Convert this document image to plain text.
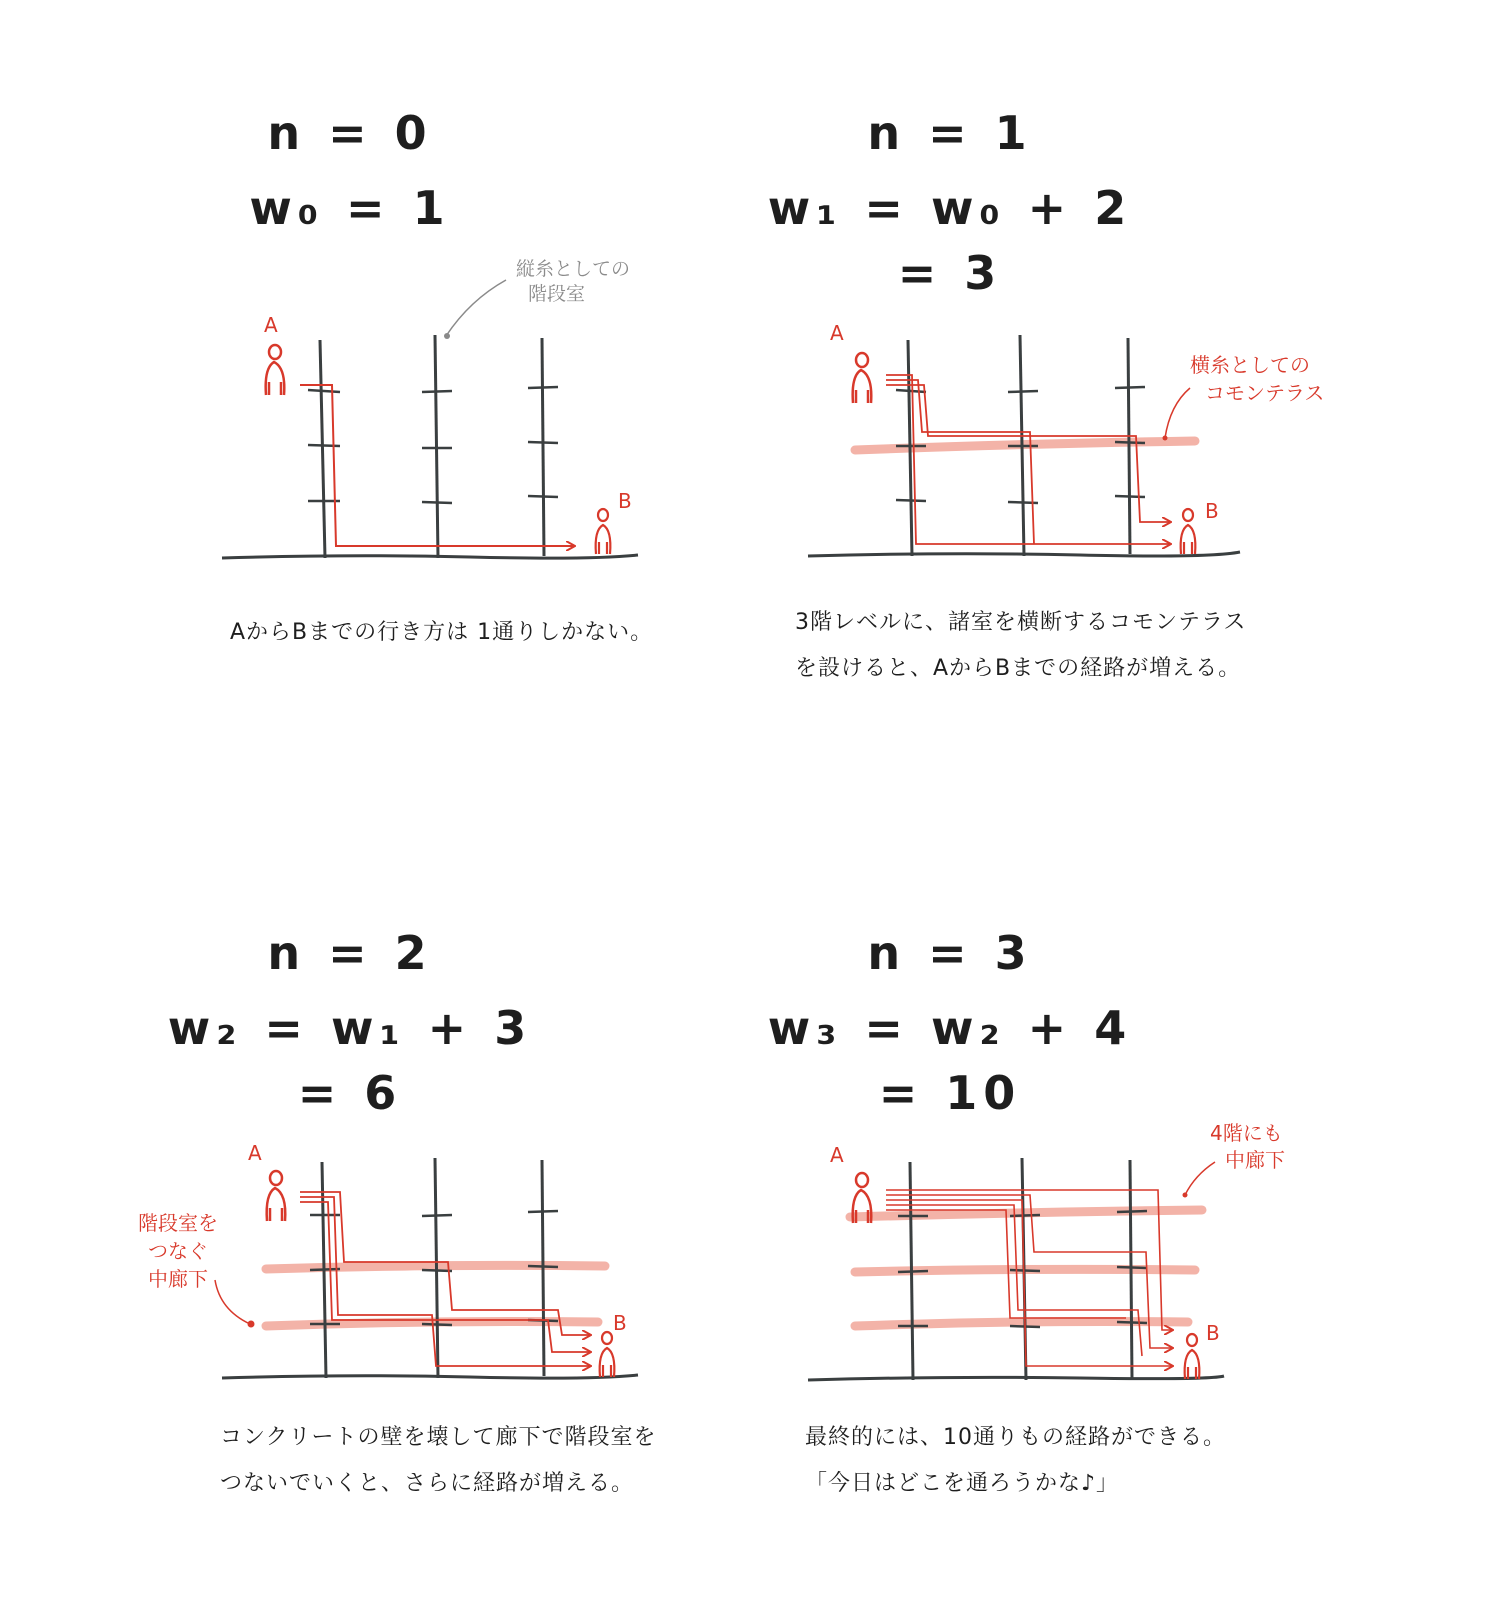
n = 0
w₀ = 1
A
B
縦糸としての
階段室
AからBまでの行き方は 1通りしかない。
n = 1
w₁ = w₀ + 2
= 3
A
B
横糸としての
コモンテラス
3階レベルに、諸室を横断するコモンテラス
を設けると、AからBまでの経路が増える。
n = 2
w₂ = w₁ + 3
= 6
A
B
階段室を
つなぐ
中廊下
コンクリートの壁を壊して廊下で階段室を
つないでいくと、さらに経路が増える。
n = 3
w₃ = w₂ + 4
= 10
A
B
4階にも
中廊下
最終的には、10通りもの経路ができる。
「今日はどこを通ろうかな♪」
